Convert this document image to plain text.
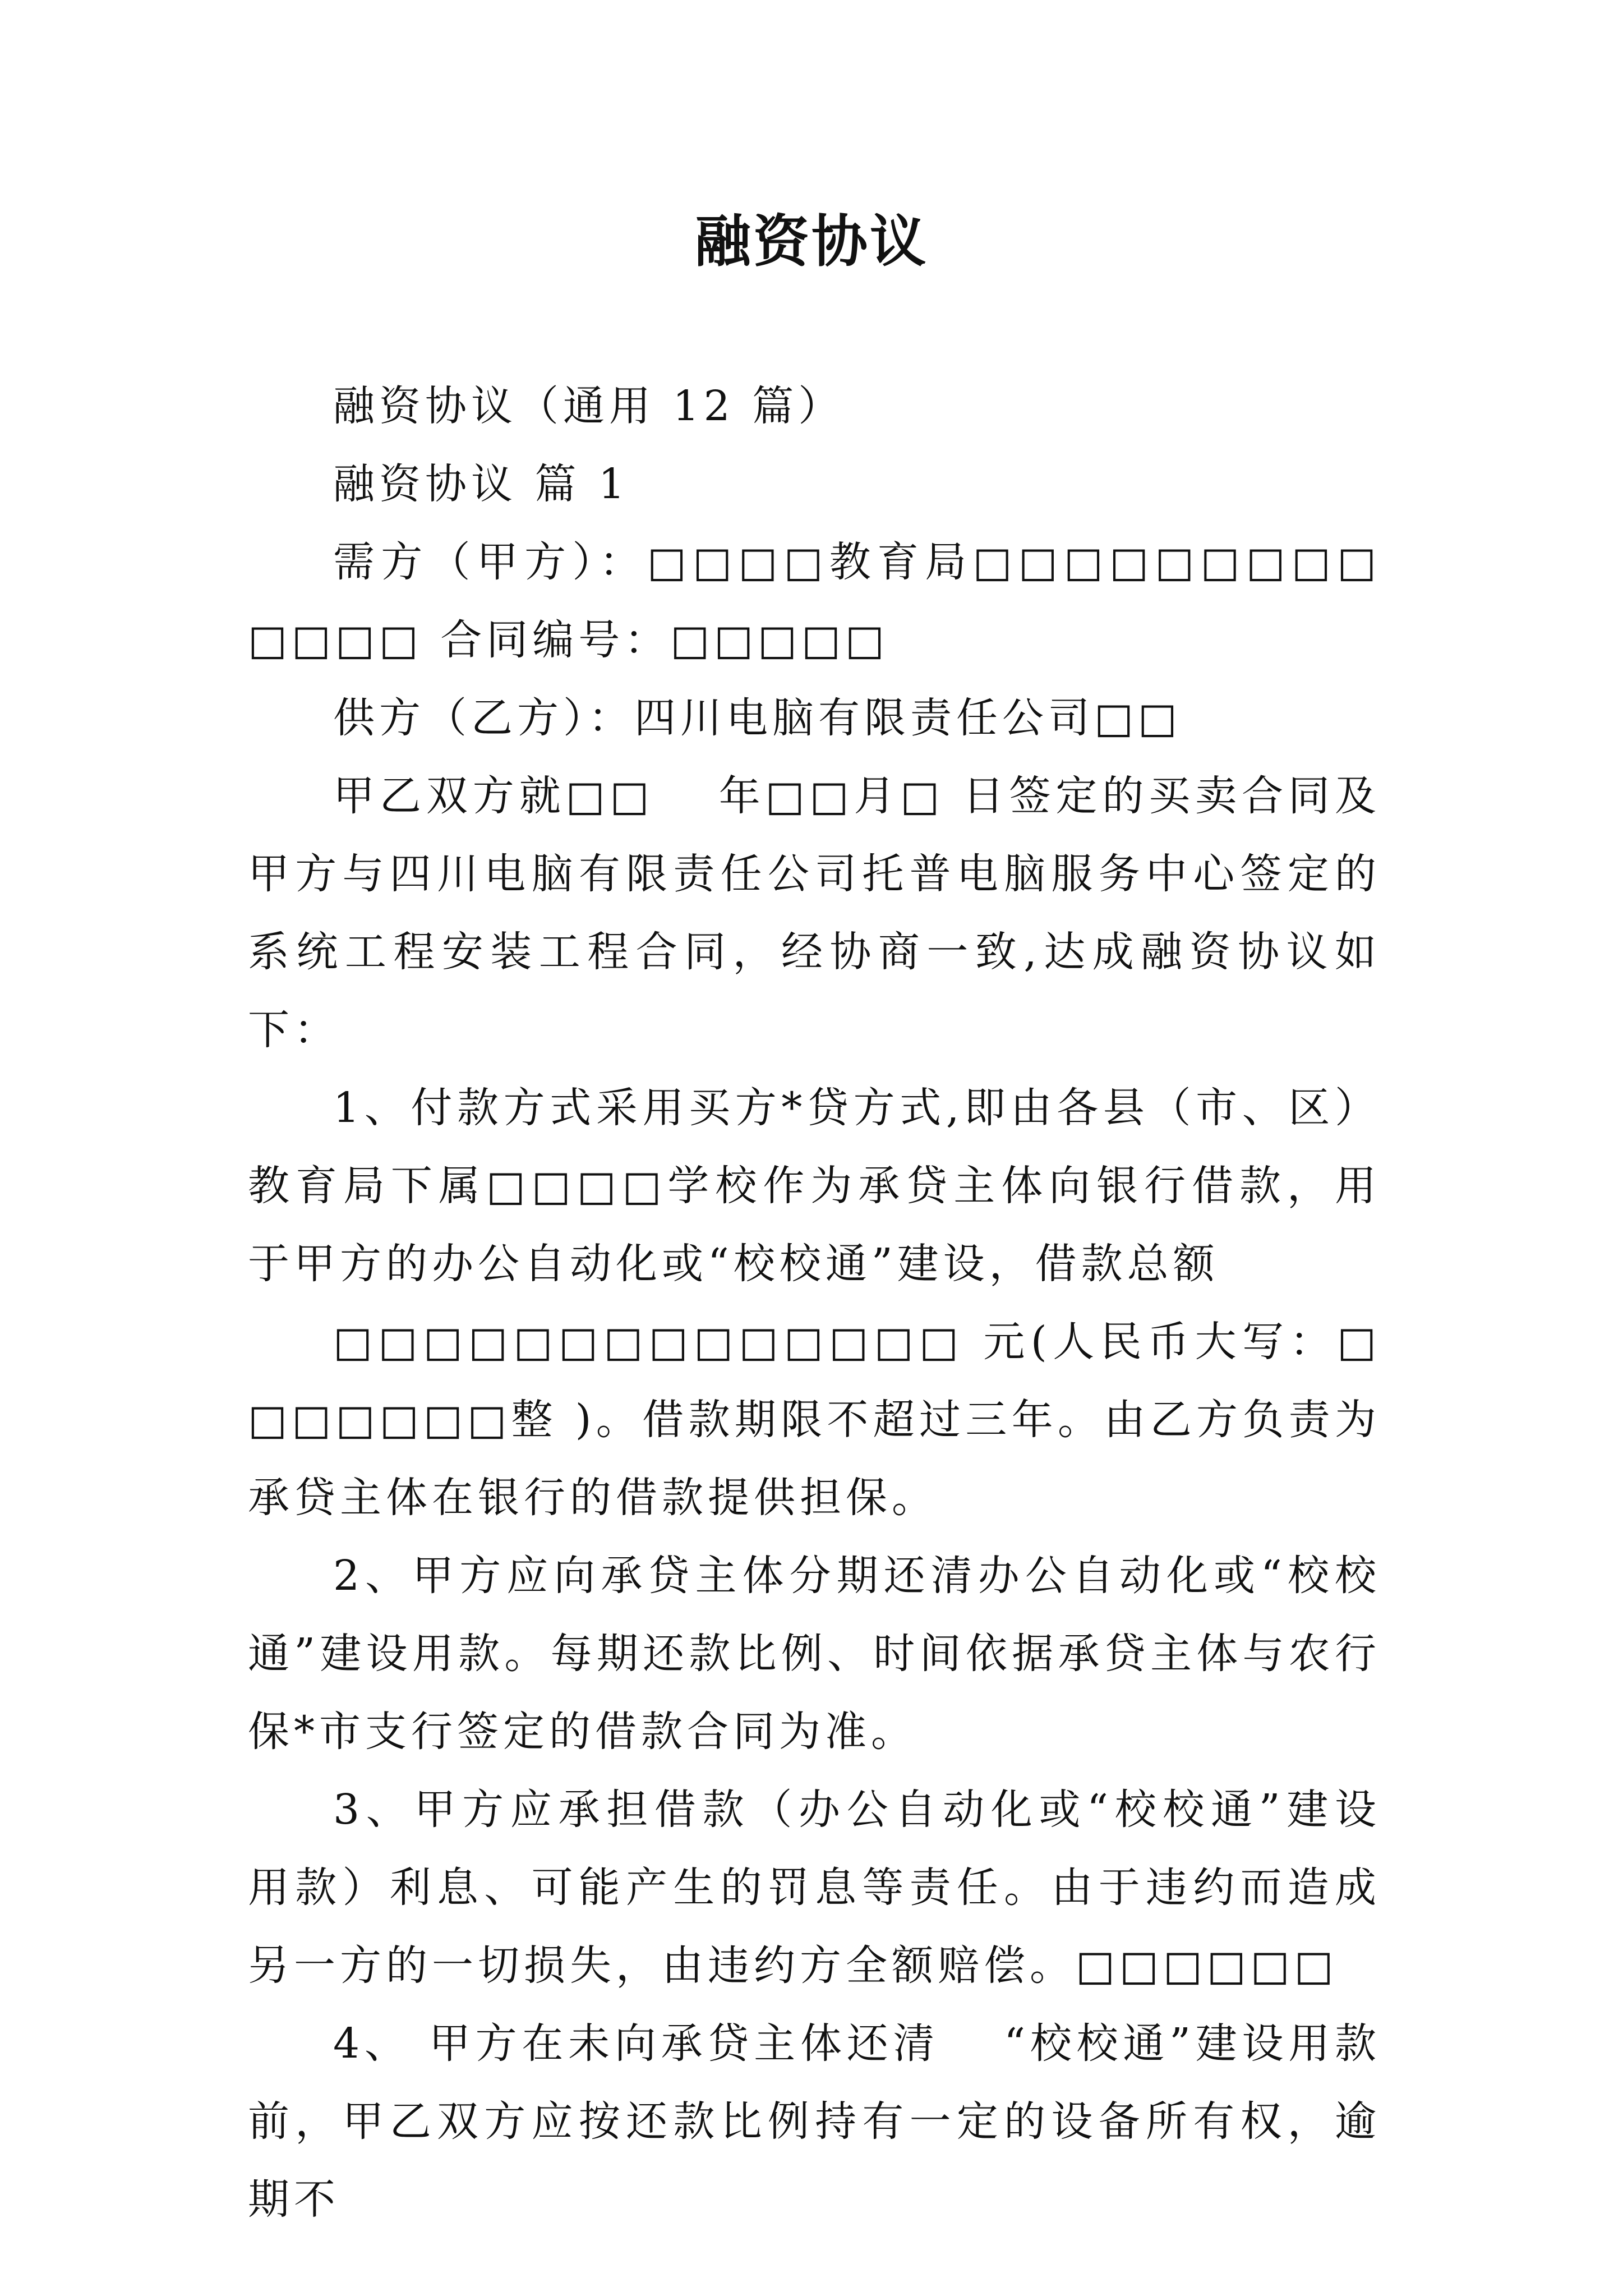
融资协议

融资协议（通用 12 篇）

融资协议 篇 1

需方（甲方）：□□□□教育局□□□□□□□□□□□□□ 合同编号：□□□□□

供方（乙方）：四川电脑有限责任公司□□

甲乙双方就□□　 年□□月□ 日签定的买卖合同及甲方与四川电脑有限责任公司托普电脑服务中心签定的系统工程安装工程合同，经协商一致,达成融资协议如下：

1、付款方式采用买方*贷方式,即由各县（市、区）教育局下属□□□□学校作为承贷主体向银行借款，用于甲方的办公自动化或“校校通”建设，借款总额

□□□□□□□□□□□□□□ 元(人民币大写：□□□□□□□整 )。借款期限不超过三年。由乙方负责为承贷主体在银行的借款提供担保。

2、甲方应向承贷主体分期还清办公自动化或“校校通”建设用款。每期还款比例、时间依据承贷主体与农行保*市支行签定的借款合同为准。

3、甲方应承担借款（办公自动化或“校校通”建设用款）利息、可能产生的罚息等责任。由于违约而造成另一方的一切损失，由违约方全额赔偿。□□□□□□

4、 甲方在未向承贷主体还清　 “校校通”建设用款前，甲乙双方应按还款比例持有一定的设备所有权，逾期不
